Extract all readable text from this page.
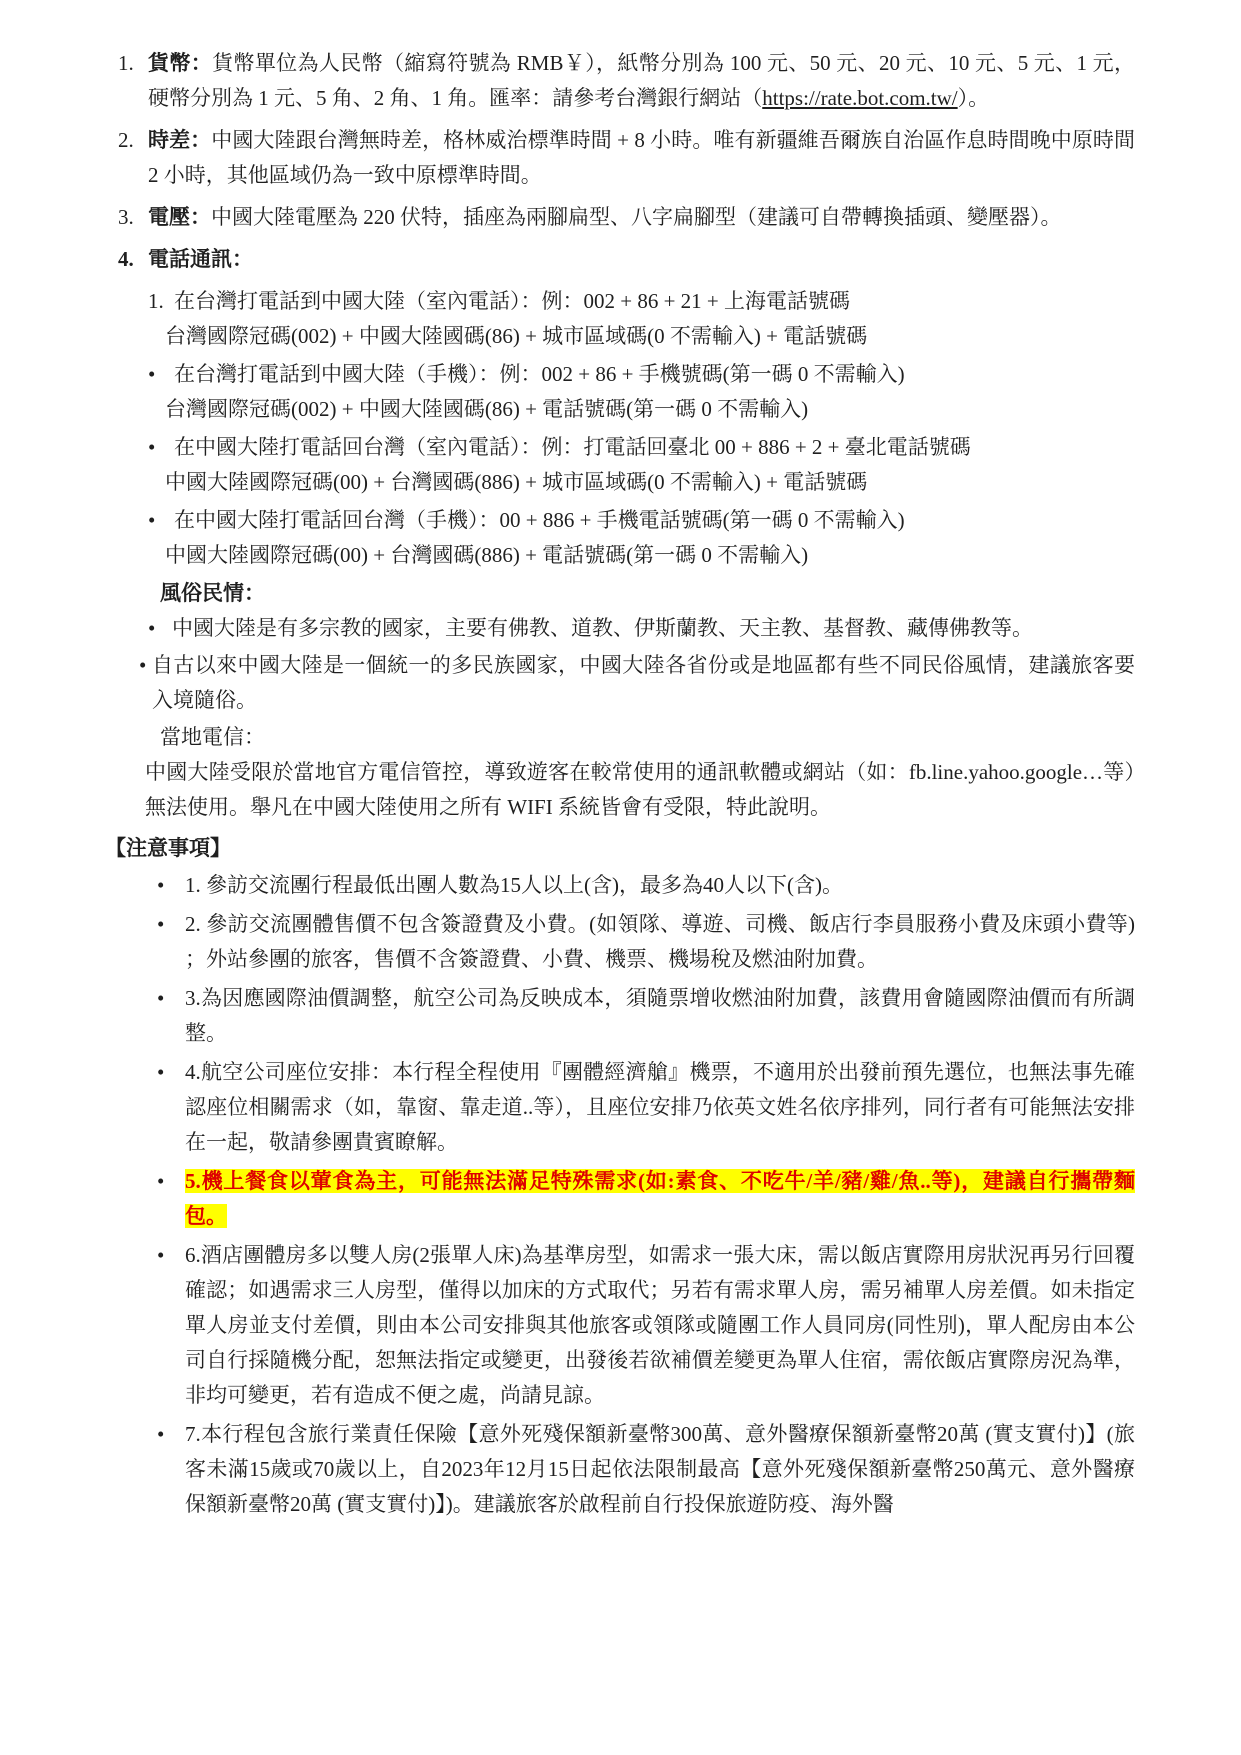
1. 貨幣：貨幣單位為人民幣（縮寫符號為 RMB￥），紙幣分別為 100 元、50 元、20 元、10 元、5 元、1 元，硬幣分別為 1 元、5 角、2 角、1 角。匯率：請參考台灣銀行網站（https://rate.bot.com.tw/）。
2. 時差：中國大陸跟台灣無時差，格林威治標準時間 + 8 小時。唯有新疆維吾爾族自治區作息時間晚中原時間 2 小時，其他區域仍為一致中原標準時間。
3. 電壓：中國大陸電壓為 220 伏特，插座為兩腳扁型、八字扁腳型（建議可自帶轉換插頭、變壓器）。
4. 電話通訊：
1. 在台灣打電話到中國大陸（室內電話）：例：002 + 86 + 21 + 上海電話號碼
台灣國際冠碼(002) + 中國大陸國碼(86) + 城市區域碼(0 不需輸入) + 電話號碼
• 在台灣打電話到中國大陸（手機）：例：002 + 86 + 手機號碼(第一碼 0 不需輸入)
台灣國際冠碼(002) + 中國大陸國碼(86) + 電話號碼(第一碼 0 不需輸入)
• 在中國大陸打電話回台灣（室內電話）：例：打電話回臺北 00 + 886 + 2 + 臺北電話號碼
中國大陸國際冠碼(00) + 台灣國碼(886) + 城市區域碼(0 不需輸入) + 電話號碼
• 在中國大陸打電話回台灣（手機）：00 + 886 + 手機電話號碼(第一碼 0 不需輸入)
中國大陸國際冠碼(00) + 台灣國碼(886) + 電話號碼(第一碼 0 不需輸入)
風俗民情：
• 中國大陸是有多宗教的國家，主要有佛教、道教、伊斯蘭教、天主教、基督教、藏傳佛教等。
• 自古以來中國大陸是一個統一的多民族國家，中國大陸各省份或是地區都有些不同民俗風情，建議旅客要入境隨俗。
當地電信：
中國大陸受限於當地官方電信管控，導致遊客在較常使用的通訊軟體或網站（如：fb.line.yahoo.google…等）無法使用。舉凡在中國大陸使用之所有 WIFI 系統皆會有受限，特此說明。
【注意事項】
• 1. 參訪交流團行程最低出團人數為15人以上(含)，最多為40人以下(含)。
• 2. 參訪交流團體售價不包含簽證費及小費。(如領隊、導遊、司機、飯店行李員服務小費及床頭小費等) ；外站參團的旅客，售價不含簽證費、小費、機票、機場稅及燃油附加費。
• 3.為因應國際油價調整，航空公司為反映成本，須隨票增收燃油附加費，該費用會隨國際油價而有所調整。
• 4.航空公司座位安排：本行程全程使用『團體經濟艙』機票，不適用於出發前預先選位，也無法事先確認座位相關需求（如，靠窗、靠走道..等），且座位安排乃依英文姓名依序排列，同行者有可能無法安排在一起，敬請參團貴賓瞭解。
• 5.機上餐食以葷食為主，可能無法滿足特殊需求(如:素食、不吃牛/羊/豬/雞/魚..等)，建議自行攜帶麵包。
• 6.酒店團體房多以雙人房(2張單人床)為基準房型，如需求一張大床，需以飯店實際用房狀況再另行回覆確認；如遇需求三人房型，僅得以加床的方式取代；另若有需求單人房，需另補單人房差價。如未指定單人房並支付差價，則由本公司安排與其他旅客或領隊或隨團工作人員同房(同性別)，單人配房由本公司自行採隨機分配，恕無法指定或變更，出發後若欲補價差變更為單人住宿，需依飯店實際房況為準，非均可變更，若有造成不便之處，尚請見諒。
• 7.本行程包含旅行業責任保險【意外死殘保額新臺幣300萬、意外醫療保額新臺幣20萬 (實支實付)】(旅客未滿15歲或70歲以上，自2023年12月15日起依法限制最高【意外死殘保額新臺幣250萬元、意外醫療保額新臺幣20萬 (實支實付)】)。建議旅客於啟程前自行投保旅遊防疫、海外醫
